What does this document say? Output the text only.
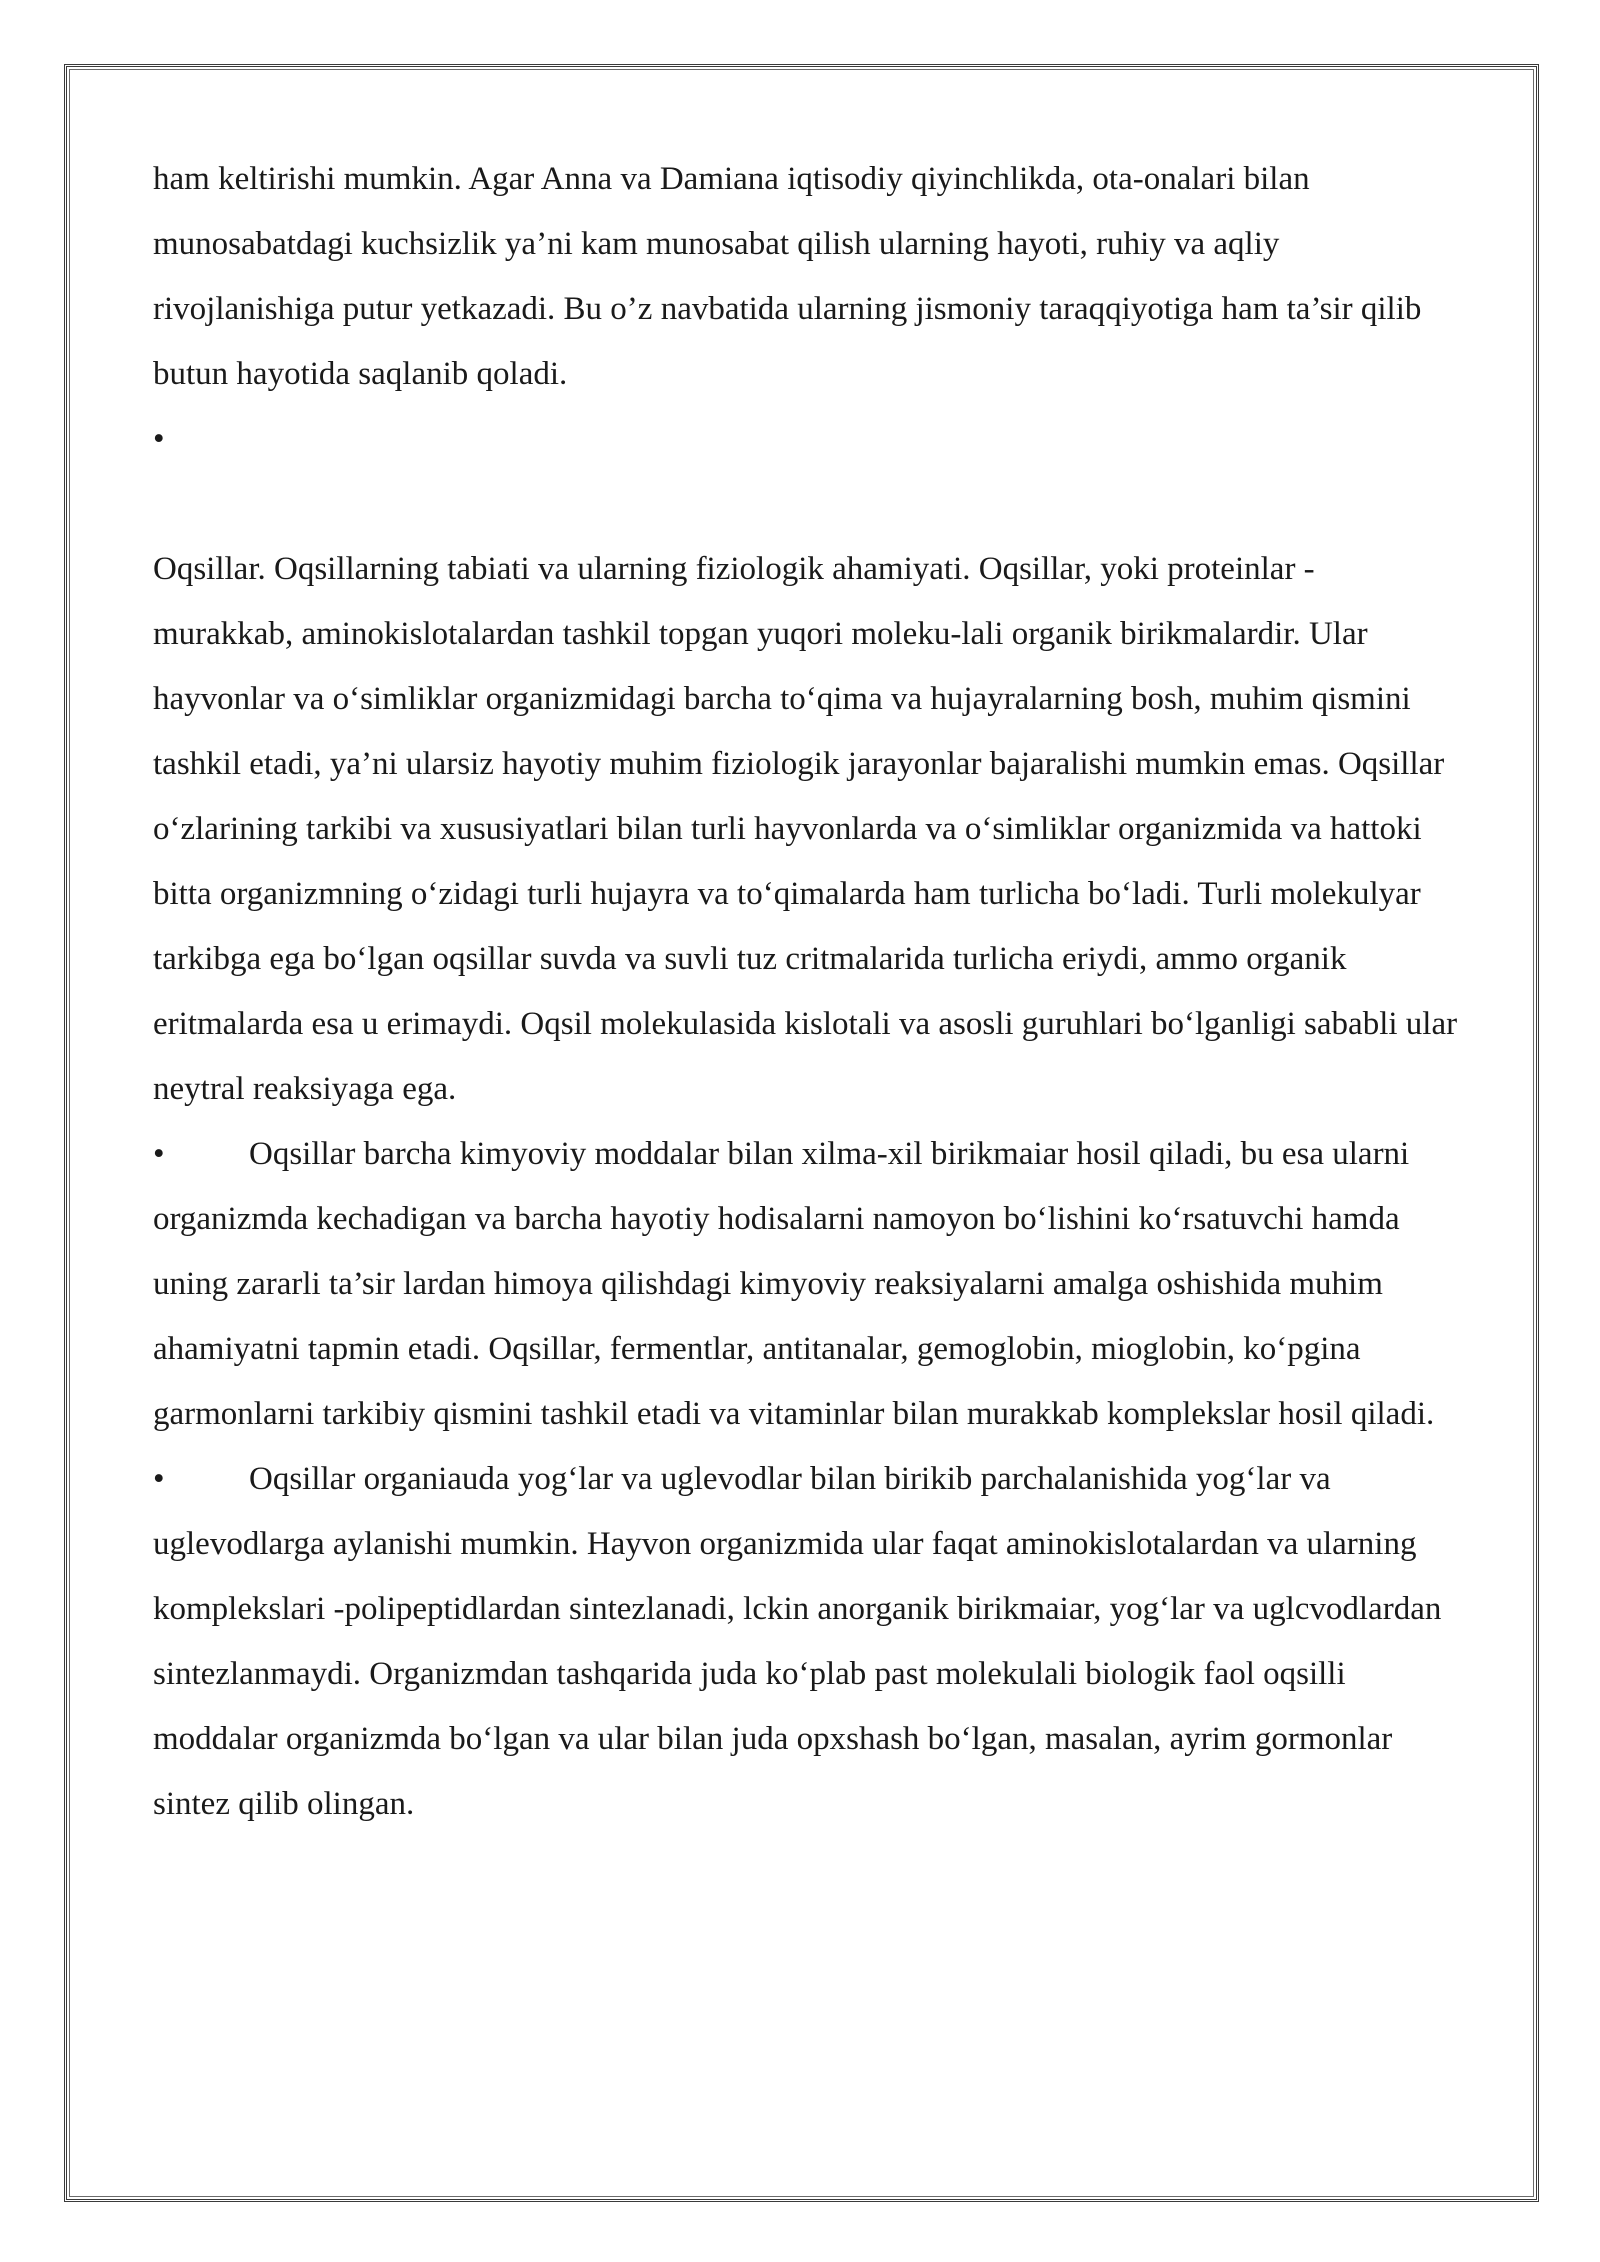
ham keltirishi mumkin. Agar Anna va Damiana iqtisodiy qiyinchlikda, ota-onalari bilan munosabatdagi kuchsizlik ya’ni kam munosabat qilish ularning hayoti, ruhiy va aqliy rivojlanishiga putur yetkazadi. Bu o’z navbatida ularning jismoniy taraqqiyotiga ham ta’sir qilib butun hayotida saqlanib qoladi.

•

Oqsillar. Oqsillarning tabiati va ularning fiziologik ahamiyati. Oqsillar, yoki proteinlar - murakkab, aminokislotalardan tashkil topgan yuqori moleku-lali organik birikmalardir. Ular hayvonlar va o‘simliklar organizmidagi barcha to‘qima va hujayralarning bosh, muhim qismini tashkil etadi, ya’ni ularsiz hayotiy muhim fiziologik jarayonlar bajaralishi mumkin emas. Oqsillar o‘zlarining tarkibi va xususiyatlari bilan turli hayvonlarda va o‘simliklar organizmida va hattoki bitta organizmning o‘zidagi turli hujayra va to‘qimalarda ham turlicha bo‘ladi. Turli molekulyar tarkibga ega bo‘lgan oqsillar suvda va suvli tuz critmalarida turlicha eriydi, ammo organik eritmalarda esa u erimaydi. Oqsil molekulasida kislotali va asosli guruhlari bo‘lganligi sababli ular neytral reaksiyaga ega.

•	Oqsillar barcha kimyoviy moddalar bilan xilma-xil birikmaiar hosil qiladi, bu esa ularni organizmda kechadigan va barcha hayotiy hodisalarni namoyon bo‘lishini ko‘rsatuvchi hamda uning zararli ta’sir lardan himoya qilishdagi kimyoviy reaksiyalarni amalga oshishida muhim ahamiyatni tapmin etadi. Oqsillar, fermentlar, antitanalar, gemoglobin, mioglobin, ko‘pgina garmonlarni tarkibiy qismini tashkil etadi va vitaminlar bilan murakkab komplekslar hosil qiladi.

•	Oqsillar organiauda yog‘lar va uglevodlar bilan birikib parchalanishida yog‘lar va uglevodlarga aylanishi mumkin. Hayvon organizmida ular faqat aminokislotalardan va ularning komplekslari -polipeptidlardan sintezlanadi, lckin anorganik birikmaiar, yog‘lar va uglcvodlardan sintezlanmaydi. Organizmdan tashqarida juda ko‘plab past molekulali biologik faol oqsilli moddalar organizmda bo‘lgan va ular bilan juda opxshash bo‘lgan, masalan, ayrim gormonlar sintez qilib olingan.
